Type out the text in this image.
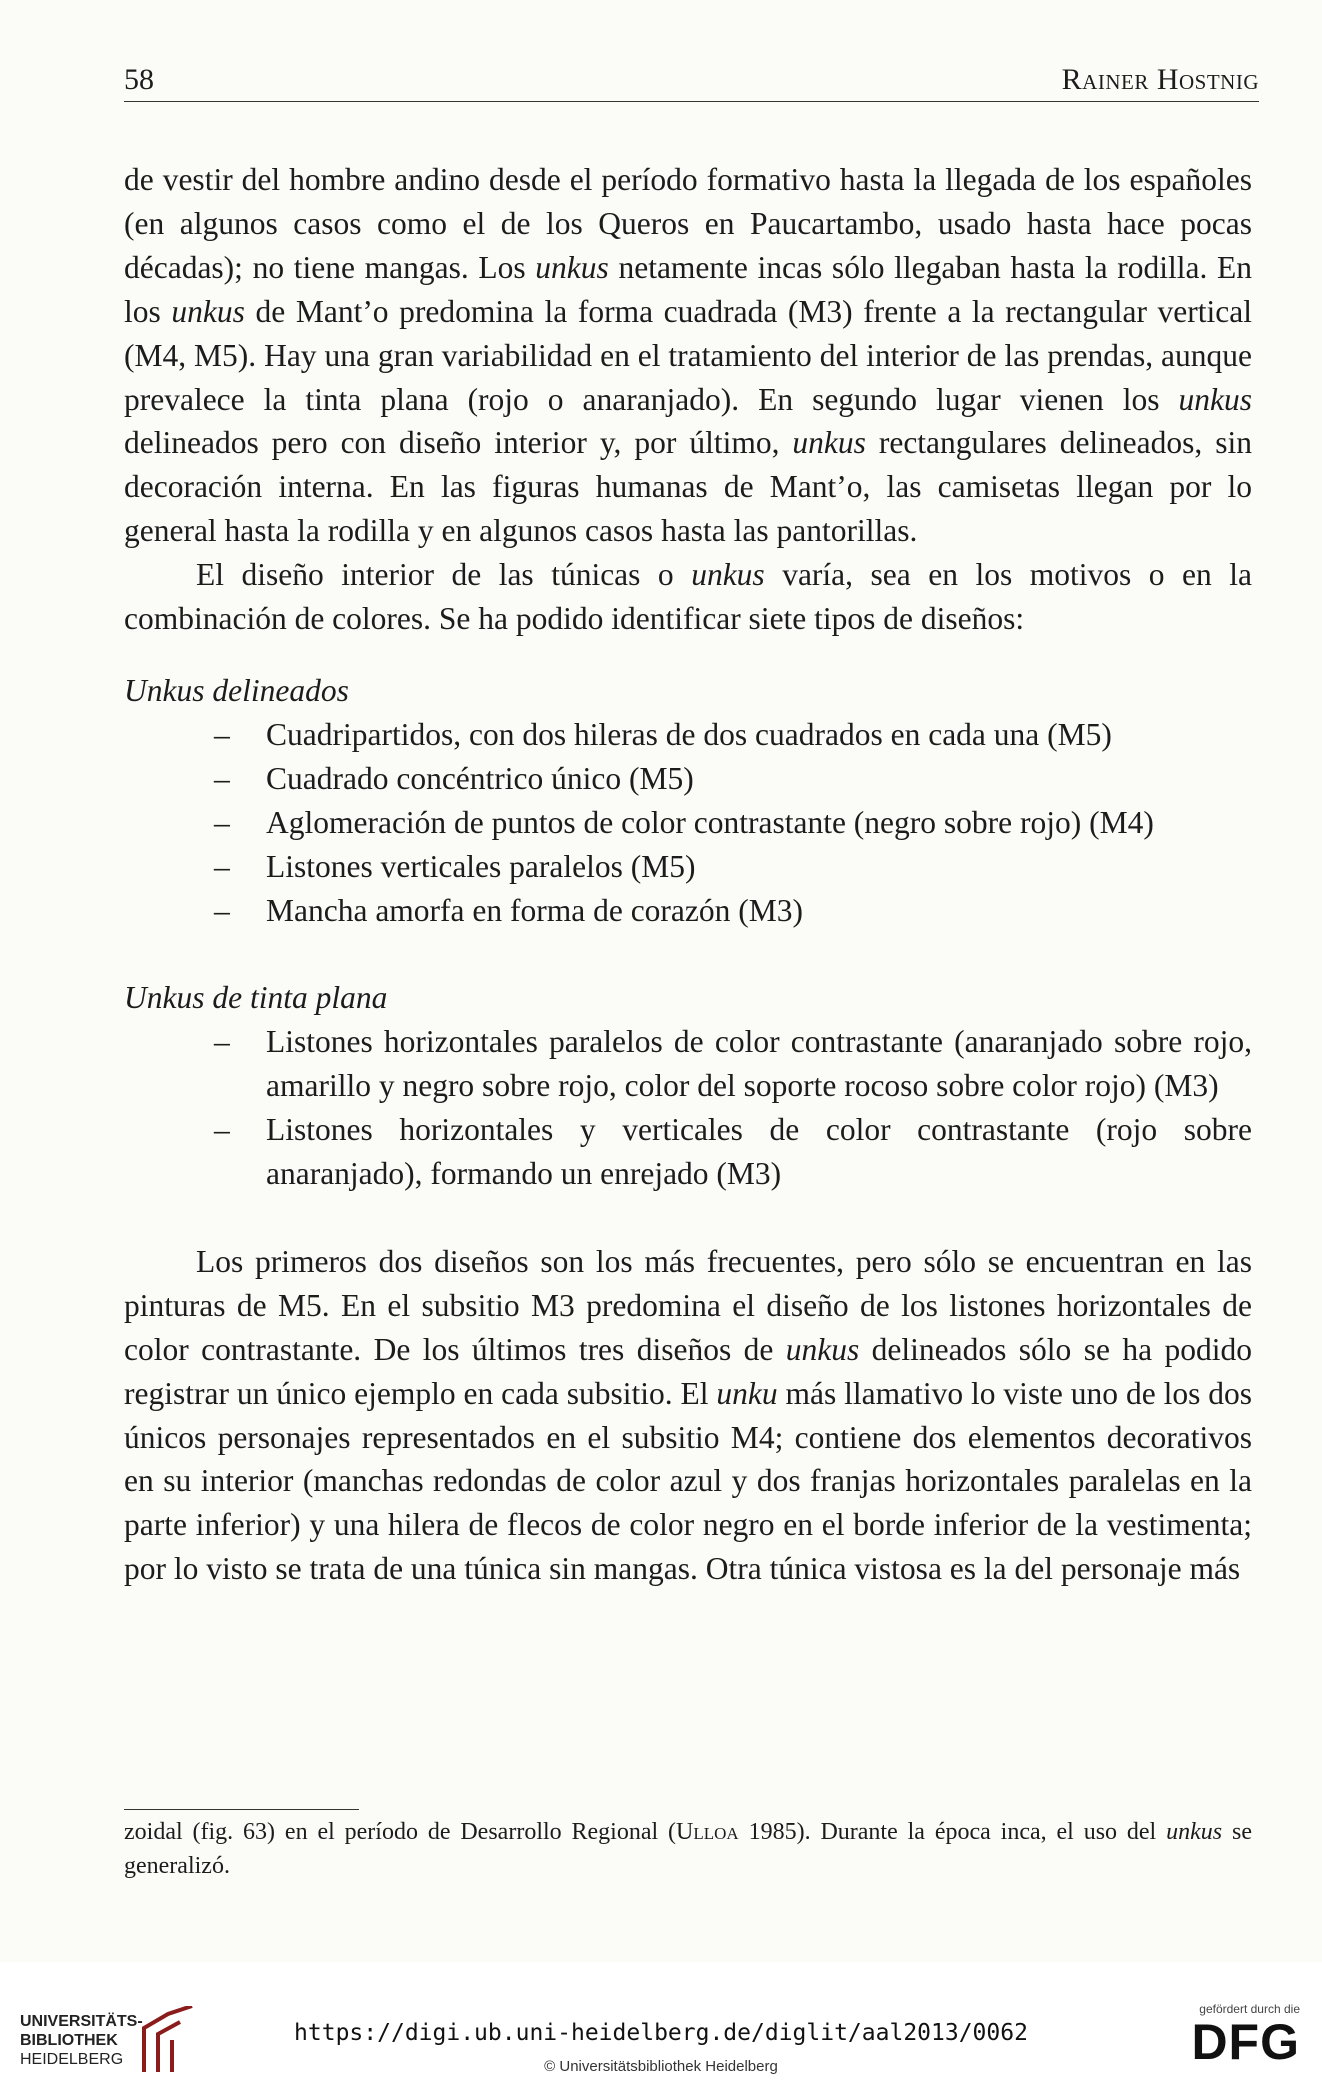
58	Rainer Hostnig

de vestir del hombre andino desde el período formativo hasta la llegada de los españoles (en algunos casos como el de los Queros en Paucartambo, usado hasta hace pocas décadas); no tiene mangas. Los unkus netamente incas sólo llegaban hasta la rodilla. En los unkus de Mant’o predomina la forma cuadrada (M3) frente a la rectangular vertical (M4, M5). Hay una gran variabilidad en el tratamiento del interior de las prendas, aunque prevalece la tinta plana (rojo o anaranjado). En segundo lugar vienen los unkus delineados pero con diseño interior y, por último, unkus rectangulares delineados, sin decoración interna. En las figuras humanas de Mant’o, las camisetas llegan por lo general hasta la rodilla y en algunos casos hasta las pantorillas.

El diseño interior de las túnicas o unkus varía, sea en los motivos o en la combinación de colores. Se ha podido identificar siete tipos de diseños:

Unkus delineados

– Cuadripartidos, con dos hileras de dos cuadrados en cada una (M5)
– Cuadrado concéntrico único (M5)
– Aglomeración de puntos de color contrastante (negro sobre rojo) (M4)
– Listones verticales paralelos (M5)
– Mancha amorfa en forma de corazón (M3)

Unkus de tinta plana

– Listones horizontales paralelos de color contrastante (anaranjado sobre rojo, amarillo y negro sobre rojo, color del soporte rocoso sobre color rojo) (M3)
– Listones horizontales y verticales de color contrastante (rojo sobre anaranjado), formando un enrejado (M3)

Los primeros dos diseños son los más frecuentes, pero sólo se encuentran en las pinturas de M5. En el subsitio M3 predomina el diseño de los listones horizontales de color contrastante. De los últimos tres diseños de unkus delineados sólo se ha podido registrar un único ejemplo en cada subsitio. El unku más llamativo lo viste uno de los dos únicos personajes representados en el subsitio M4; contiene dos elementos decorativos en su interior (manchas redondas de color azul y dos franjas horizontales paralelas en la parte inferior) y una hilera de flecos de color negro en el borde inferior de la vestimenta; por lo visto se trata de una túnica sin mangas. Otra túnica vistosa es la del personaje más

zoidal (fig. 63) en el período de Desarrollo Regional (Ulloa 1985). Durante la época inca, el uso del unkus se generalizó.

UNIVERSITÄTS-
BIBLIOTHEK
HEIDELBERG
https://digi.ub.uni-heidelberg.de/diglit/aal2013/0062
© Universitätsbibliothek Heidelberg
gefördert durch die
DFG
